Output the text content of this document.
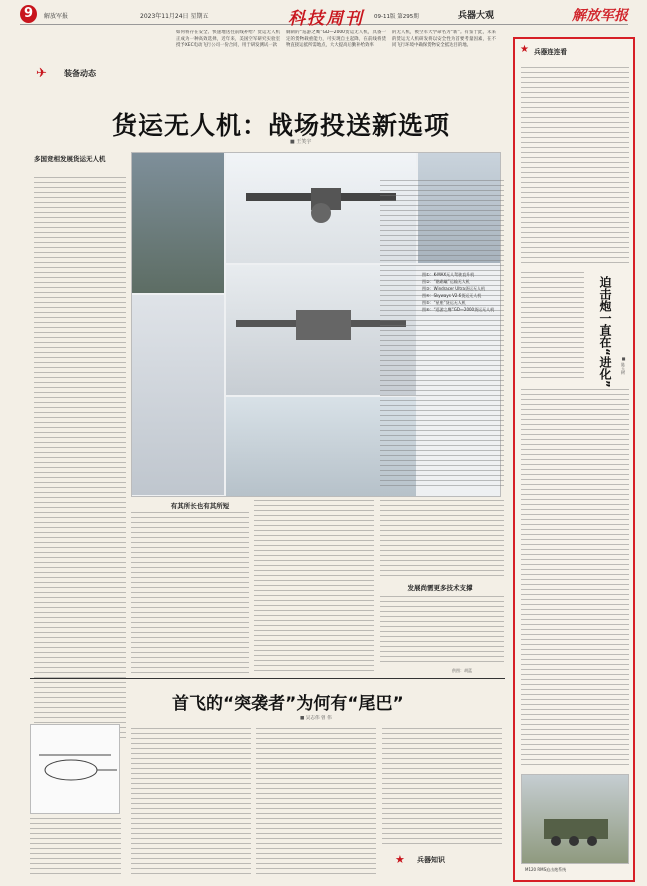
9	解放军报	2023年11月24日 星期五	科技周刊 09-11版 第295期	兵器大观	解放军报
如何将存在安全、快递地送往前线补给？货运无人机正成为一种高效选择，近年来，美国空军研究实验室授予XEC电动飞行公司一份合同，用于研发测试一款
铜制的“巡游之鹰”GD—2000货运无人机，具备一定的货物载重能力，可实现自主起降，在前线将货物直接运抵所需地点，大大提高后勤补给效率
的无人机，被空军大学命名为“新”。有鉴于此，未来的货运无人机研发将以安全性为首要考量因素，在不同飞行环境中确保货物安全抵达目的地。
✈	装备动态
货运无人机：战场投送新选项
■ 王笑宇
多国竞相发展货运无人机
图①：K-MAX无人驾驶直升机
图②：“鹦鹉螺”运输无人机
图③：Windracer Ultra货运无人机
图④：Skyways V2.6货运无人机
图⑤：“星座”货运无人机
图⑥：“巡游之鹰”GD—2000货运无人机
有其所长也有其所短
发展尚需更多技术支撑
供图：胡蓝
首飞的“突袭者”为何有“尾巴”
■ 吴志伟 曾 伟
★ 兵器知识
★ 兵器连连看
迫击炮一直在“进化”	■ 陈玉树
M120 RMS迫击炮系统
